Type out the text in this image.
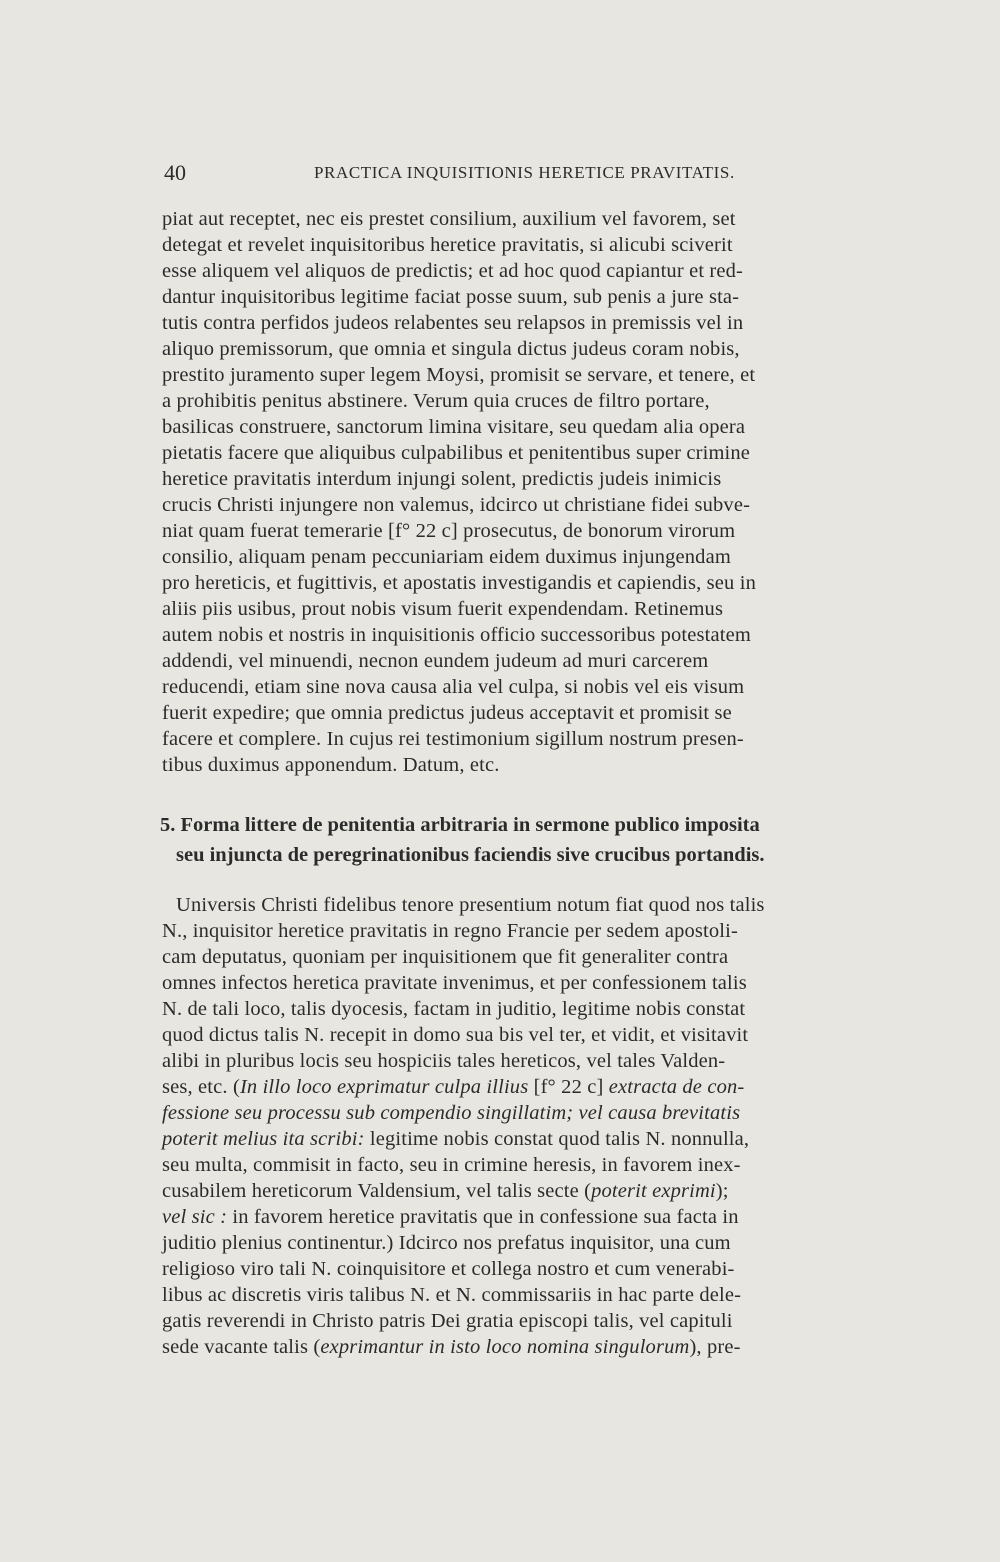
40	PRACTICA INQUISITIONIS HERETICE PRAVITATIS.
piat aut receptet, nec eis prestet consilium, auxilium vel favorem, set
detegat et revelet inquisitoribus heretice pravitatis, si alicubi sciverit
esse aliquem vel aliquos de predictis; et ad hoc quod capiantur et red-
dantur inquisitoribus legitime faciat posse suum, sub penis a jure sta-
tutis contra perfidos judeos relabentes seu relapsos in premissis vel in
aliquo premissorum, que omnia et singula dictus judeus coram nobis,
prestito juramento super legem Moysi, promisit se servare, et tenere, et
a prohibitis penitus abstinere. Verum quia cruces de filtro portare,
basilicas construere, sanctorum limina visitare, seu quedam alia opera
pietatis facere que aliquibus culpabilibus et penitentibus super crimine
heretice pravitatis interdum injungi solent, predictis judeis inimicis
crucis Christi injungere non valemus, idcirco ut christiane fidei subve-
niat quam fuerat temerarie [f° 22 c] prosecutus, de bonorum virorum
consilio, aliquam penam peccuniariam eidem duximus injungendam
pro hereticis, et fugittivis, et apostatis investigandis et capiendis, seu in
aliis piis usibus, prout nobis visum fuerit expendendam. Retinemus
autem nobis et nostris in inquisitionis officio successoribus potestatem
addendi, vel minuendi, necnon eundem judeum ad muri carcerem
reducendi, etiam sine nova causa alia vel culpa, si nobis vel eis visum
fuerit expedire; que omnia predictus judeus acceptavit et promisit se
facere et complere. In cujus rei testimonium sigillum nostrum presen-
tibus duximus apponendum. Datum, etc.
5. Forma littere de penitentia arbitraria in sermone publico imposita
seu injuncta de peregrinationibus faciendis sive crucibus portandis.
Universis Christi fidelibus tenore presentium notum fiat quod nos talis
N., inquisitor heretice pravitatis in regno Francie per sedem apostoli-
cam deputatus, quoniam per inquisitionem que fit generaliter contra
omnes infectos heretica pravitate invenimus, et per confessionem talis
N. de tali loco, talis dyocesis, factam in juditio, legitime nobis constat
quod dictus talis N. recepit in domo sua bis vel ter, et vidit, et visitavit
alibi in pluribus locis seu hospiciis tales hereticos, vel tales Valden-
ses, etc. (In illo loco exprimatur culpa illius [f° 22 c] extracta de con-
fessione seu processu sub compendio singillatim; vel causa brevitatis
poterit melius ita scribi: legitime nobis constat quod talis N. nonnulla,
seu multa, commisit in facto, seu in crimine heresis, in favorem inex-
cusabilem hereticorum Valdensium, vel talis secte (poterit exprimi);
vel sic : in favorem heretice pravitatis que in confessione sua facta in
juditio plenius continentur.) Idcirco nos prefatus inquisitor, una cum
religioso viro tali N. coinquisitore et collega nostro et cum venerabi-
libus ac discretis viris talibus N. et N. commissariis in hac parte dele-
gatis reverendi in Christo patris Dei gratia episcopi talis, vel capituli
sede vacante talis (exprimantur in isto loco nomina singulorum), pre-
